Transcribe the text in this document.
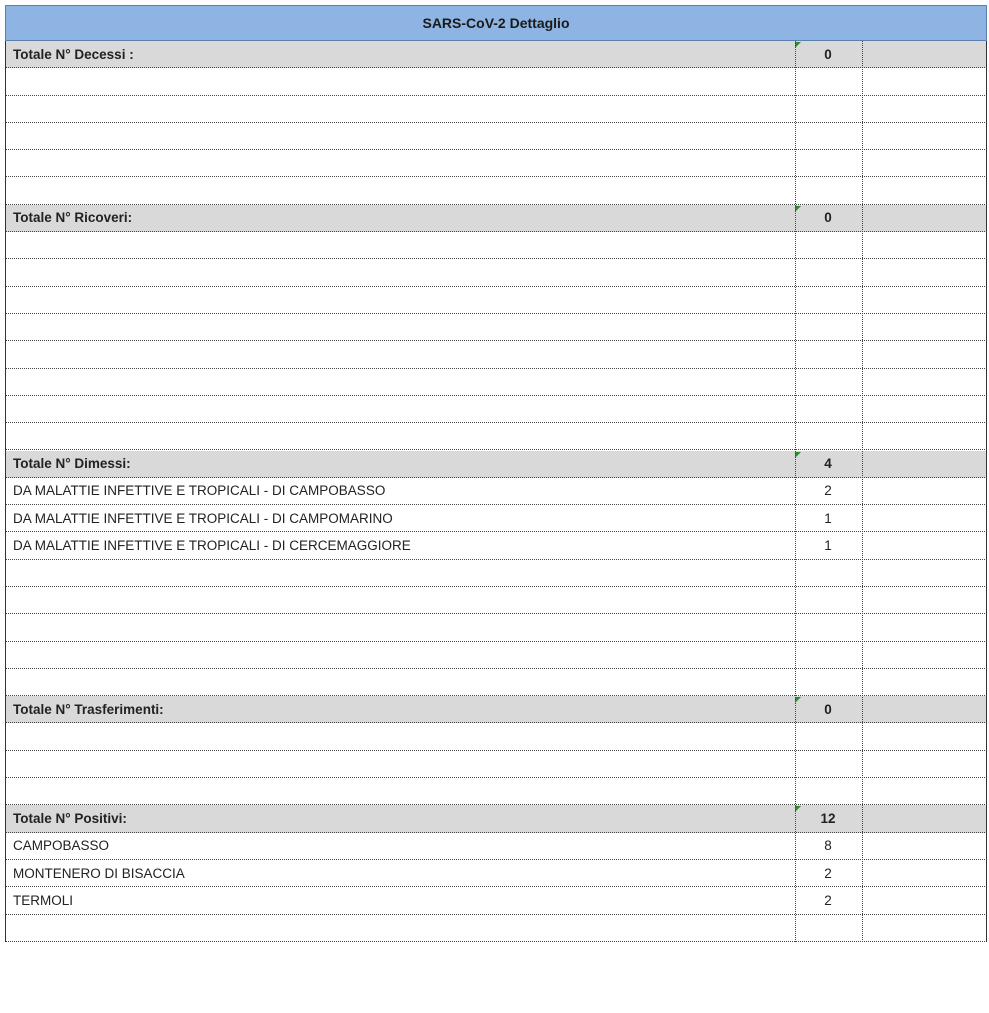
SARS-CoV-2 Dettaglio
Totale N° Decessi :	0
Totale N° Ricoveri:	0
Totale N° Dimessi:	4
DA MALATTIE INFETTIVE E TROPICALI - DI CAMPOBASSO	2
DA MALATTIE INFETTIVE E TROPICALI - DI CAMPOMARINO	1
DA MALATTIE INFETTIVE E TROPICALI - DI CERCEMAGGIORE	1
Totale N° Trasferimenti:	0
Totale N° Positivi:	12
CAMPOBASSO	8
MONTENERO DI BISACCIA	2
TERMOLI	2
